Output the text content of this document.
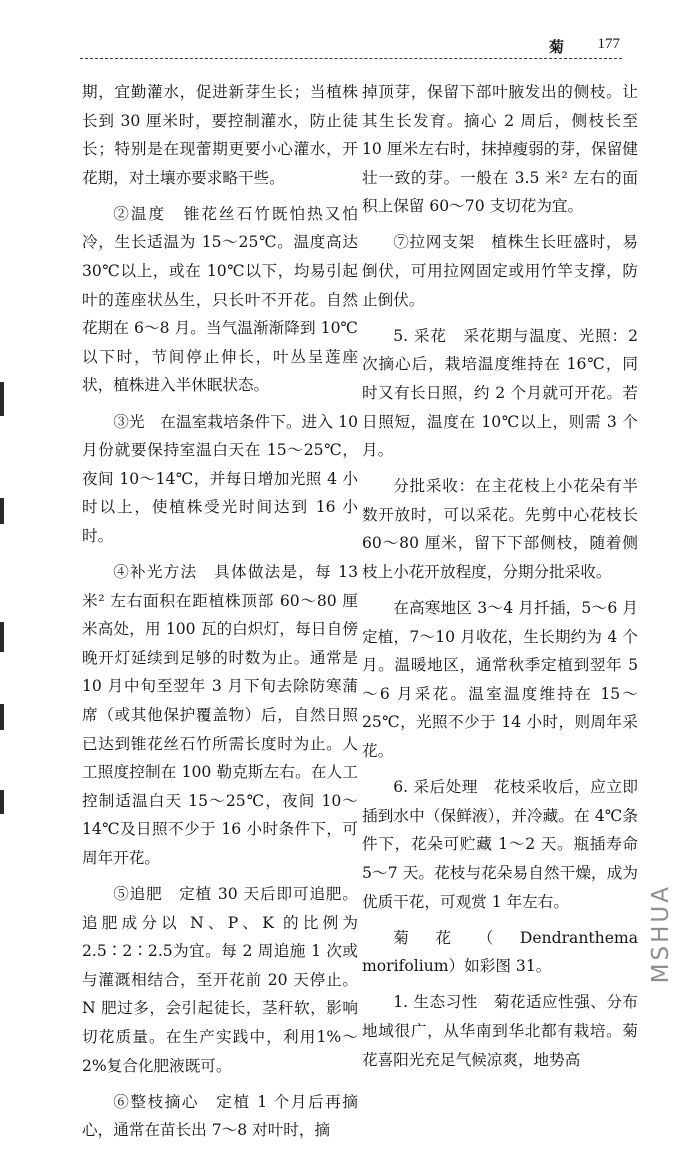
菊 177

期，宜勤灌水，促进新芽生长；当植株长到 30 厘米时，要控制灌水，防止徒长；特别是在现蕾期更要小心灌水，开花期，对土壤亦要求略干些。

②温度　锥花丝石竹既怕热又怕冷，生长适温为 15～25℃。温度高达 30℃以上，或在 10℃以下，均易引起叶的莲座状丛生，只长叶不开花。自然花期在 6～8 月。当气温渐渐降到 10℃以下时，节间停止伸长，叶丛呈莲座状，植株进入半休眠状态。

③光　在温室栽培条件下。进入 10 月份就要保持室温白天在 15～25℃，夜间 10～14℃，并每日增加光照 4 小时以上，使植株受光时间达到 16 小时。

④补光方法　具体做法是，每 13 米² 左右面积在距植株顶部 60～80 厘米高处，用 100 瓦的白炽灯，每日自傍晚开灯延续到足够的时数为止。通常是 10 月中旬至翌年 3 月下旬去除防寒蒲席（或其他保护覆盖物）后，自然日照已达到锥花丝石竹所需长度时为止。人工照度控制在 100 勒克斯左右。在人工控制适温白天 15～25℃，夜间 10～14℃及日照不少于 16 小时条件下，可周年开花。

⑤追肥　定植 30 天后即可追肥。追肥成分以 N、P、K 的比例为2.5∶2∶2.5为宜。每 2 周追施 1 次或与灌溉相结合，至开花前 20 天停止。N 肥过多，会引起徒长，茎秆软，影响切花质量。在生产实践中，利用1%～2%复合化肥液既可。

⑥整枝摘心　定植 1 个月后再摘心，通常在苗长出 7～8 对叶时，摘

掉顶芽，保留下部叶腋发出的侧枝。让其生长发育。摘心 2 周后，侧枝长至 10 厘米左右时，抹掉瘦弱的芽，保留健壮一致的芽。一般在 3.5 米² 左右的面积上保留 60～70 支切花为宜。

⑦拉网支架　植株生长旺盛时，易倒伏，可用拉网固定或用竹竿支撑，防止倒伏。

5. 采花　采花期与温度、光照：2 次摘心后，栽培温度维持在 16℃，同时又有长日照，约 2 个月就可开花。若日照短，温度在 10℃以上，则需 3 个月。

分批采收：在主花枝上小花朵有半数开放时，可以采花。先剪中心花枝长 60～80 厘米，留下下部侧枝，随着侧枝上小花开放程度，分期分批采收。

在高寒地区 3～4 月扦插，5～6 月定植，7～10 月收花，生长期约为 4 个月。温暖地区，通常秋季定植到翌年 5～6 月采花。温室温度维持在 15～25℃，光照不少于 14 小时，则周年采花。

6. 采后处理　花枝采收后，应立即插到水中（保鲜液），并冷藏。在 4℃条件下，花朵可贮藏 1～2 天。瓶插寿命 5～7 天。花枝与花朵易自然干燥，成为优质干花，可观赏 1 年左右。

菊花（Dendranthema morifolium）如彩图 31。

1. 生态习性　菊花适应性强、分布地域很广，从华南到华北都有栽培。菊花喜阳光充足气候凉爽，地势高

MSHUA
